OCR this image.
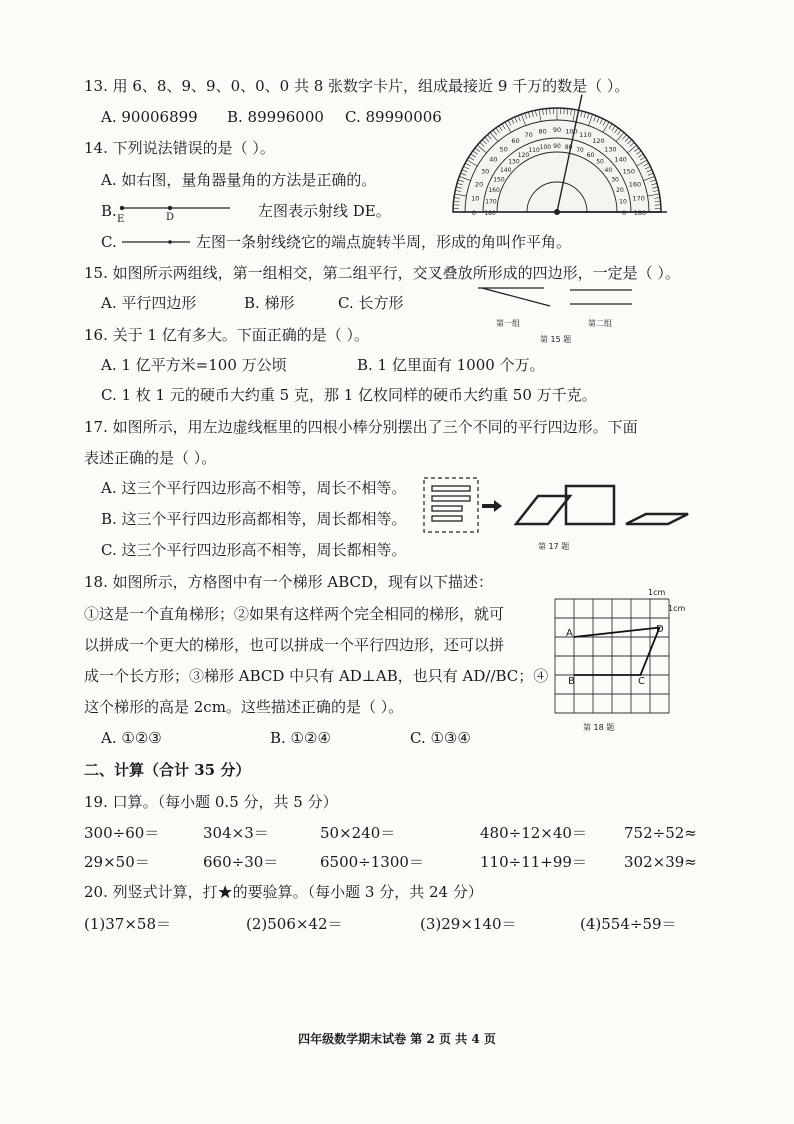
13. 用 6、8、9、9、0、0、0 共 8 张数字卡片，组成最接近 9 千万的数是（ ）。
A. 90006899 B. 89996000 C. 89990006
14. 下列说法错误的是（ ）。
A. 如右图，量角器量角的方法是正确的。
B. E	D	左图表示射线 DE。
C.	左图一条射线绕它的端点旋转半周，形成的角叫作平角。
180
0
170
10
160
20
150
30
140
40
130
50
120
60
110
70
100
80
90
90
80
100
70
110
60
120
50
130
40
140
30
150
20
160
10 170
0 180
15. 如图所示两组线，第一组相交，第二组平行，交叉叠放所形成的四边形，一定是（ ）。
A. 平行四边形	B. 梯形	C. 长方形
第一组	第二组
第 15 题
16. 关于 1 亿有多大。下面正确的是（ ）。
A. 1 亿平方米=100 万公顷	B. 1 亿里面有 1000 个万。
C. 1 枚 1 元的硬币大约重 5 克，那 1 亿枚同样的硬币大约重 50 万千克。
17. 如图所示，用左边虚线框里的四根小棒分别摆出了三个不同的平行四边形。下面
表述正确的是（ ）。
A. 这三个平行四边形高不相等，周长不相等。
B. 这三个平行四边形高都相等，周长都相等。
C. 这三个平行四边形高不相等，周长都相等。	第 17 题
18. 如图所示，方格图中有一个梯形 ABCD，现有以下描述：
①这是一个直角梯形；②如果有这样两个完全相同的梯形，就可
以拼成一个更大的梯形，也可以拼成一个平行四边形，还可以拼
成一个长方形；③梯形 ABCD 中只有 AD⊥AB，也只有 AD//BC；④
这个梯形的高是 2cm。这些描述正确的是（ ）。
A. ①②③	B. ①②④	C. ①③④
1cm
1cm
A	D
B	C
第 18 题
二、计算（合计 35 分）
19. 口算。（每小题 0.5 分，共 5 分）
300÷60＝	304×3＝	50×240＝	480÷12×40＝ 752÷52≈
29×50＝	660÷30＝	6500÷1300＝	110÷11+99＝ 302×39≈
20. 列竖式计算，打★的要验算。（每小题 3 分，共 24 分）
(1)37×58＝	(2)506×42＝	(3)29×140＝	(4)554÷59＝
四年级数学期末试卷 第 2 页 共 4 页
